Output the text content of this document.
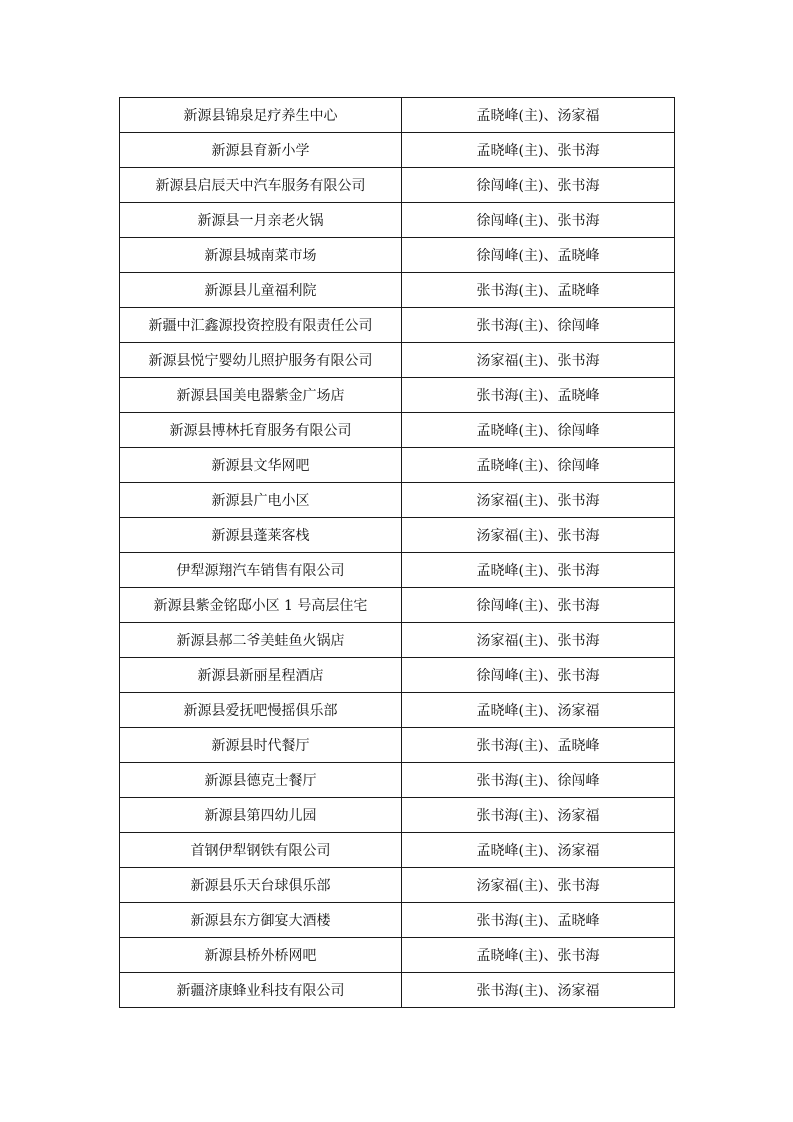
新源县锦泉足疗养生中心	孟晓峰(主)、汤家福
新源县育新小学	孟晓峰(主)、张书海
新源县启辰天中汽车服务有限公司	徐闯峰(主)、张书海
新源县一月亲老火锅	徐闯峰(主)、张书海
新源县城南菜市场	徐闯峰(主)、孟晓峰
新源县儿童福利院	张书海(主)、孟晓峰
新疆中汇鑫源投资控股有限责任公司	张书海(主)、徐闯峰
新源县悦宁婴幼儿照护服务有限公司	汤家福(主)、张书海
新源县国美电器紫金广场店	张书海(主)、孟晓峰
新源县博林托育服务有限公司	孟晓峰(主)、徐闯峰
新源县文华网吧	孟晓峰(主)、徐闯峰
新源县广电小区	汤家福(主)、张书海
新源县蓬莱客栈	汤家福(主)、张书海
伊犁源翔汽车销售有限公司	孟晓峰(主)、张书海
新源县紫金铭邸小区 1 号高层住宅	徐闯峰(主)、张书海
新源县郝二爷美蛙鱼火锅店	汤家福(主)、张书海
新源县新丽星程酒店	徐闯峰(主)、张书海
新源县爱抚吧慢摇俱乐部	孟晓峰(主)、汤家福
新源县时代餐厅	张书海(主)、孟晓峰
新源县德克士餐厅	张书海(主)、徐闯峰
新源县第四幼儿园	张书海(主)、汤家福
首钢伊犁钢铁有限公司	孟晓峰(主)、汤家福
新源县乐天台球俱乐部	汤家福(主)、张书海
新源县东方御宴大酒楼	张书海(主)、孟晓峰
新源县桥外桥网吧	孟晓峰(主)、张书海
新疆济康蜂业科技有限公司	张书海(主)、汤家福
